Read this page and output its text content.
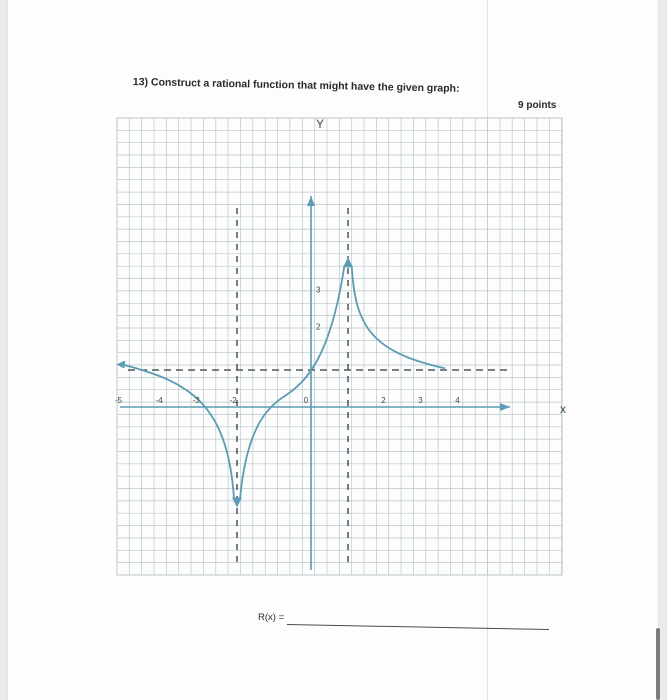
13) Construct a rational function that might have the given graph:
9 points
-5	-4	-3	-2	0	2	3	4
3
2
Y
x
R(x) =
